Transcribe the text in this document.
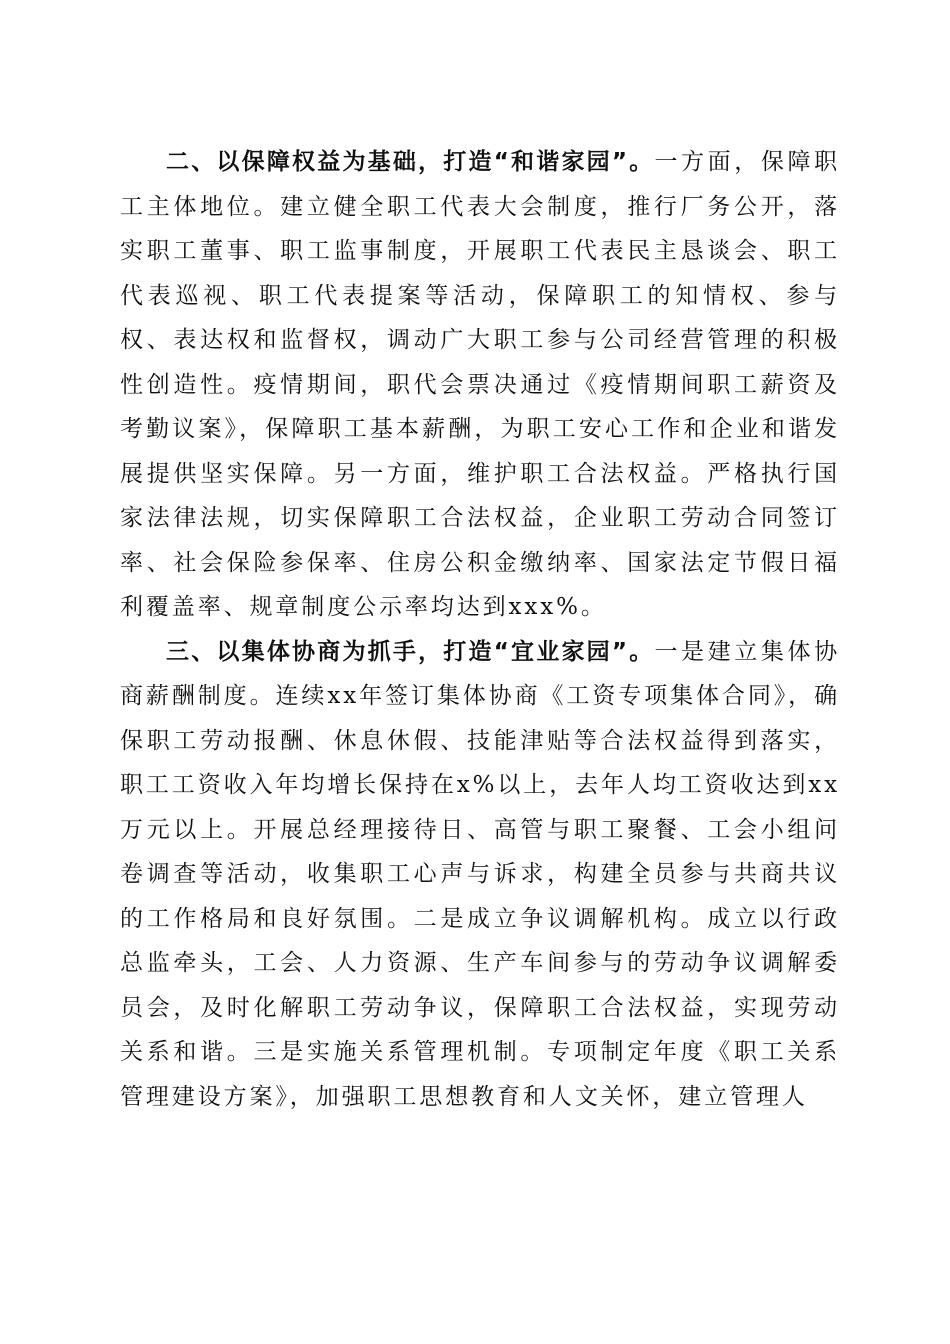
二、以保障权益为基础，打造“和谐家园”。一方面，保障职工主体地位。建立健全职工代表大会制度，推行厂务公开，落实职工董事、职工监事制度，开展职工代表民主恳谈会、职工代表巡视、职工代表提案等活动，保障职工的知情权、参与权、表达权和监督权，调动广大职工参与公司经营管理的积极性创造性。疫情期间，职代会票决通过《疫情期间职工薪资及考勤议案》，保障职工基本薪酬，为职工安心工作和企业和谐发展提供坚实保障。另一方面，维护职工合法权益。严格执行国家法律法规，切实保障职工合法权益，企业职工劳动合同签订率、社会保险参保率、住房公积金缴纳率、国家法定节假日福利覆盖率、规章制度公示率均达到xxx%。

三、以集体协商为抓手，打造“宜业家园”。一是建立集体协商薪酬制度。连续xx年签订集体协商《工资专项集体合同》，确保职工劳动报酬、休息休假、技能津贴等合法权益得到落实，职工工资收入年均增长保持在x%以上，去年人均工资收达到xx万元以上。开展总经理接待日、高管与职工聚餐、工会小组问卷调查等活动，收集职工心声与诉求，构建全员参与共商共议的工作格局和良好氛围。二是成立争议调解机构。成立以行政总监牵头，工会、人力资源、生产车间参与的劳动争议调解委员会，及时化解职工劳动争议，保障职工合法权益，实现劳动关系和谐。三是实施关系管理机制。专项制定年度《职工关系管理建设方案》，加强职工思想教育和人文关怀，建立管理人
